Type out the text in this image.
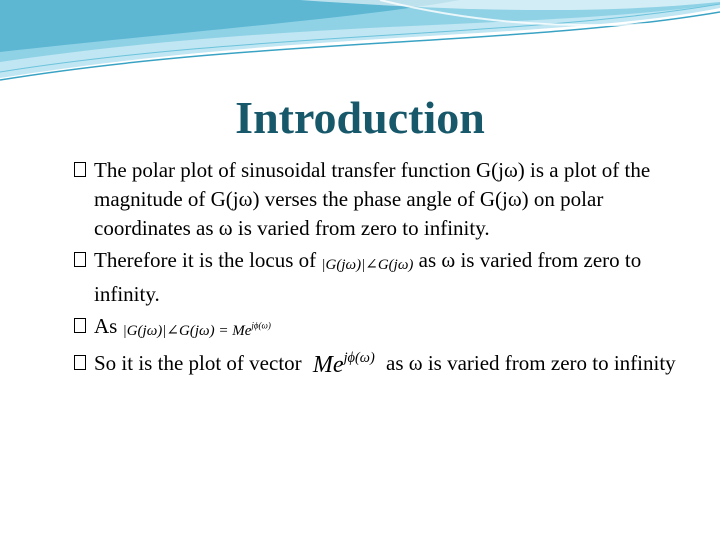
Introduction
The polar plot of sinusoidal transfer function G(jω) is a plot of the magnitude of G(jω) verses the phase angle of G(jω) on polar coordinates as ω is varied from zero to infinity.
Therefore it is the locus of |G(jω)|∠G(jω) as ω is varied from zero to infinity.
As |G(jω)|∠G(jω) = $Me^{j\phi(\omega)}$
So it is the plot of vector $Me^{j\phi(\omega)}$ as ω is varied from zero to infinity
